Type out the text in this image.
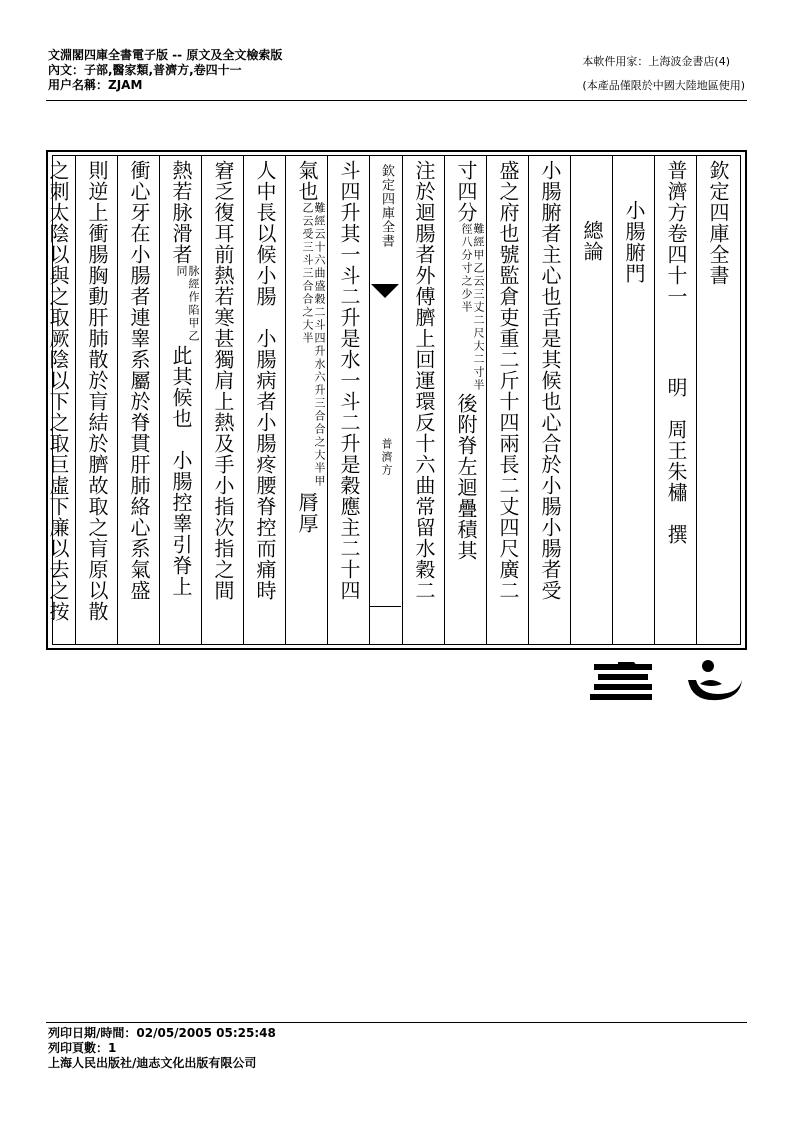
文淵閣四庫全書電子版 -- 原文及全文檢索版
內文：子部,醫家類,普濟方,卷四十一
用户名稱：ZJAM
本軟件用家：上海波金書店(4)
(本產品僅限於中國大陸地區使用)
欽定四庫全書
普濟方卷四十一明　周王朱橚　撰
小腸腑門
總論
小腸腑者主心也舌是其候也心合於小腸小腸者受
盛之府也號監倉吏重二斤十四兩長二丈四尺廣二
寸四分難經甲乙云三丈二尺大二寸半徑八分寸之少半後附脊左迴疊積其
注於迴腸者外傅臍上回運環反十六曲常留水穀二
欽定四庫全書
普濟方
斗四升其一斗二升是水一斗二升是穀應主二十四
氣也難經云十六曲盛穀二斗四升水六升三合合之大半甲乙云受三斗三合合之大半脣厚
人中長以候小腸　小腸病者小腸疼腰脊控而痛時
窘乏復耳前熱若寒甚獨肩上熱及手小指次指之間
熱若脉滑者脉經作陷甲乙同此其候也　小腸控睾引脊上
衝心牙在小腸者連睾系屬於脊貫肝肺絡心系氣盛
則逆上衝腸胸動肝肺散於肓結於臍故取之肓原以散
之刺太陰以與之取厥陰以下之取巨虛下廉以去之按
列印日期/時間：02/05/2005 05:25:48
列印頁數：1
上海人民出版社/迪志文化出版有限公司
